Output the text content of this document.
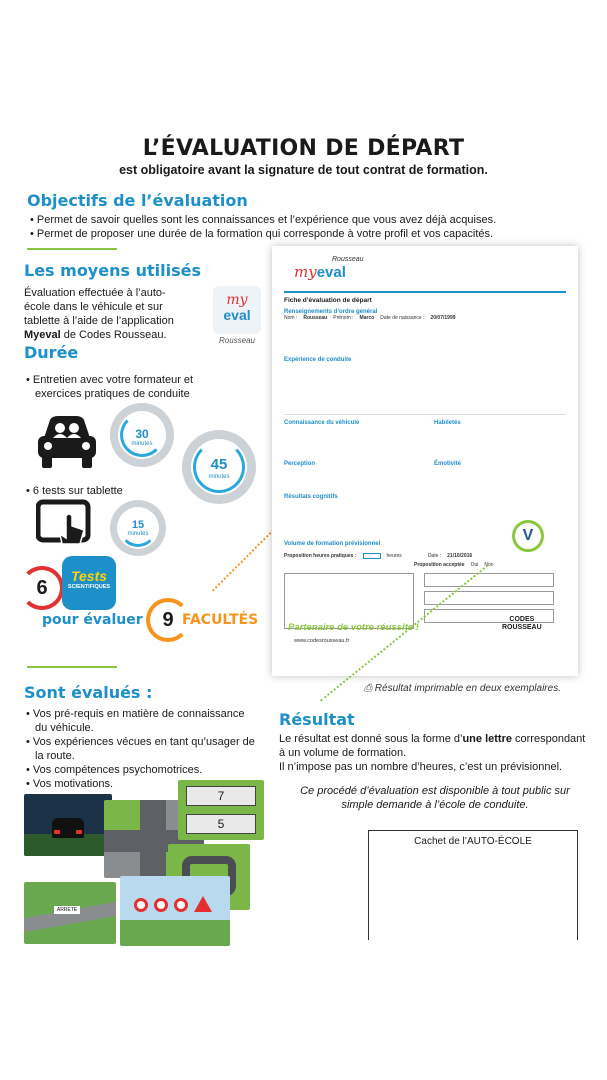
L’ÉVALUATION DE DÉPART
est obligatoire avant la signature de tout contrat de formation.
Objectifs de l’évaluation
• Permet de savoir quelles sont les connaissances et l’expérience que vous avez déjà acquises.
• Permet de proposer une durée de la formation qui corresponde à votre profil et vos capacités.
Les moyens utilisés
Évaluation effectuée à l’auto-école dans le véhicule et sur tablette à l’aide de l’application Myeval de Codes Rousseau.
my
eval
Rousseau
Durée
• Entretien avec votre formateur et exercices pratiques de conduite
30
minutes
45
minutes
• 6 tests sur tablette
15
minutes
6
Tests
SCIENTIFIQUES
pour évaluer 9 FACULTÉS
Rousseau
myeval
Fiche d’évaluation de départ
Renseignements d’ordre général
Nom : Rousseau Prénom : Marco Date de naissance : 20/07/1999
Expérience de conduite
Connaissance du véhicule
Perception
Habiletés
Émotivité
Résultats cognitifs
Volume de formation prévisionnel
Proposition heures pratiques :	heures	Date : 21/10/2016
Proposition acceptée Oui Non
V
Partenaire de votre réussite !
www.codesrousseau.fr
CODES
ROUSSEAU
⎙ Résultat imprimable en deux exemplaires.
Sont évalués :
• Vos pré-requis en matière de connaissance du véhicule.
• Vos expériences vécues en tant qu’usager de la route.
• Vos compétences psychomotrices.
• Vos motivations.
Résultat
Le résultat est donné sous la forme d’une lettre correspondant à un volume de formation.
Il n’impose pas un nombre d’heures, c’est un prévisionnel.
Ce procédé d’évaluation est disponible à tout public sur simple demande à l’école de conduite.
7
5
ARRETE
Cachet de l’AUTO-ÉCOLE
